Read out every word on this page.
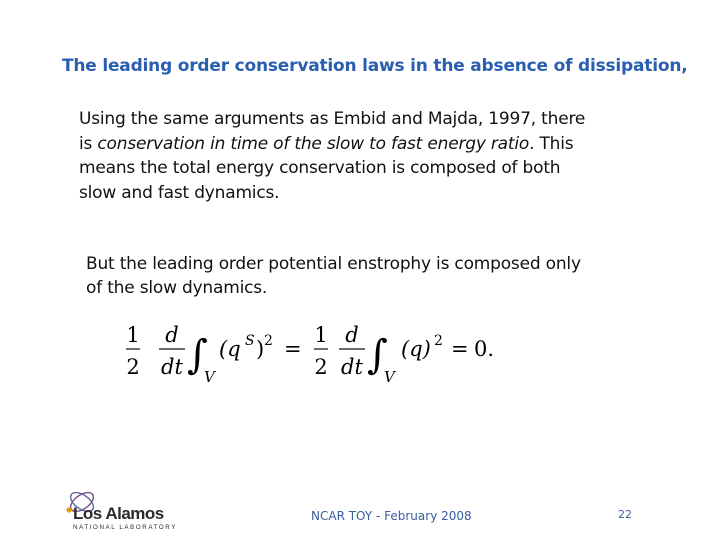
The leading order conservation laws in the absence of dissipation,
Using the same arguments as Embid and Majda, 1997, there
is conservation in time of the slow to fast energy ratio. This
means the total energy conservation is composed of both
slow and fast dynamics.
But the leading order potential enstrophy is composed only
of the slow dynamics.
1
2
d
dt ∫
V
(q S ) 2 =
1
2
d
dt ∫
V
(q) 2 = 0.
Los Alamos
NATIONAL LABORATORY
NCAR TOY - February 2008	22
